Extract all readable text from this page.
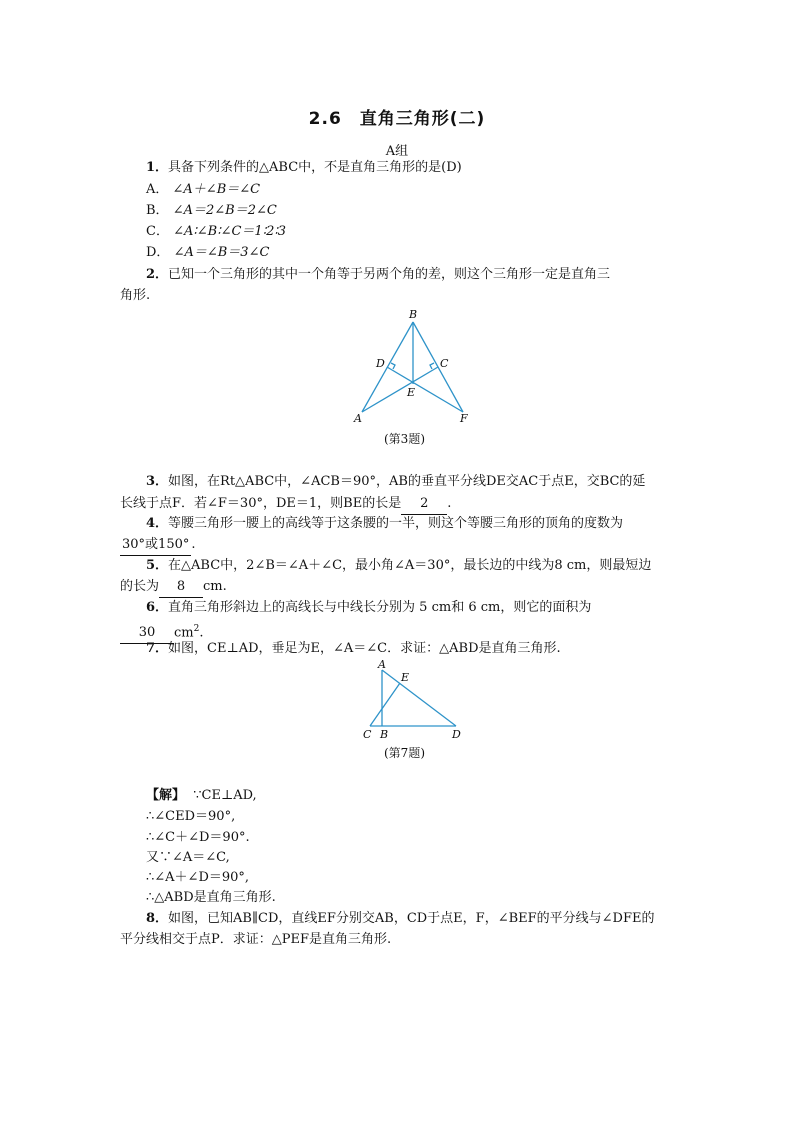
2.6　直角三角形(二)
A组
1．具备下列条件的△ABC中，不是直角三角形的是(D)
A． ∠A＋∠B＝∠C
B． ∠A＝2∠B＝2∠C
C． ∠A∶∠B∶∠C＝1∶2∶3
D． ∠A＝∠B＝3∠C
2．已知一个三角形的其中一个角等于另两个角的差，则这个三角形一定是直角三
角形.
B
D	C
E
A	F
(第3题)
3．如图，在Rt△ABC中，∠ACB＝90°，AB的垂直平分线DE交AC于点E，交BC的延
长线于点F．若∠F＝30°，DE＝1，则BE的长是 2 .
4．等腰三角形一腰上的高线等于这条腰的一半，则这个等腰三角形的顶角的度数为
30°或150° .
5．在△ABC中，2∠B＝∠A＋∠C，最小角∠A＝30°，最长边的中线为8 cm，则最短边
的长为 8 cm.
6．直角三角形斜边上的高线长与中线长分别为 5 cm和 6 cm，则它的面积为
30 $cm^2$.
7．如图，CE⊥AD，垂足为E，∠A＝∠C．求证：△ABD是直角三角形.
A
E
C B	D
(第7题)
【解】 ∵CE⊥AD,
∴∠CED＝90°,
∴∠C＋∠D＝90°.
又∵∠A＝∠C,
∴∠A＋∠D＝90°,
∴△ABD是直角三角形.
8．如图，已知AB∥CD，直线EF分别交AB，CD于点E，F，∠BEF的平分线与∠DFE的
平分线相交于点P．求证：△PEF是直角三角形.
